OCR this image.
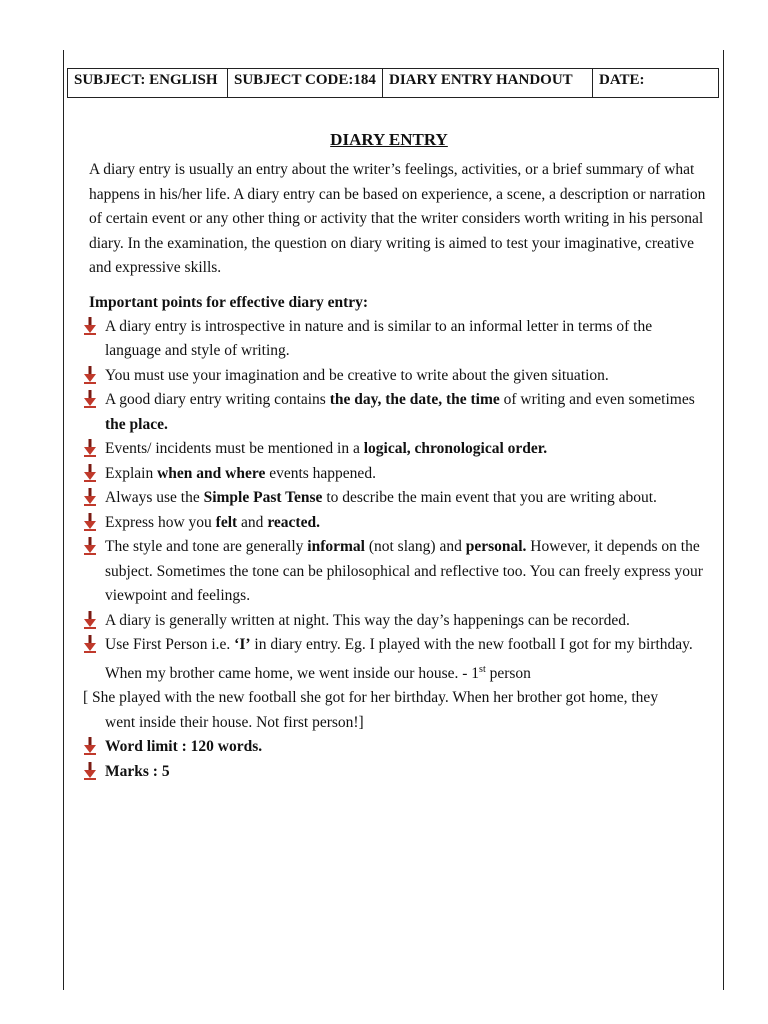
SUBJECT: ENGLISH	SUBJECT CODE:184 DIARY ENTRY HANDOUT	DATE:
DIARY ENTRY

A diary entry is usually an entry about the writer’s feelings, activities, or a brief summary of what happens in his/her life. A diary entry can be based on experience, a scene, a description or narration of certain event or any other thing or activity that the writer considers worth writing in his personal diary. In the examination, the question on diary writing is aimed to test your imaginative, creative and expressive skills.

Important points for effective diary entry:
A diary entry is introspective in nature and is similar to an informal letter in terms of the language and style of writing.
You must use your imagination and be creative to write about the given situation.
A good diary entry writing contains the day, the date, the time of writing and even sometimes the place.
Events/ incidents must be mentioned in a logical, chronological order.
Explain when and where events happened.
Always use the Simple Past Tense to describe the main event that you are writing about.
Express how you felt and reacted.
The style and tone are generally informal (not slang) and personal. However, it depends on the subject. Sometimes the tone can be philosophical and reflective too. You can freely express your viewpoint and feelings.
A diary is generally written at night. This way the day’s happenings can be recorded.
Use First Person i.e. ‘I’ in diary entry. Eg. I played with the new football I got for my birthday. When my brother came home, we went inside our house. - 1st person
[ She played with the new football she got for her birthday. When her brother got home, they
went inside their house. Not first person!]
Word limit : 120 words.
Marks : 5
